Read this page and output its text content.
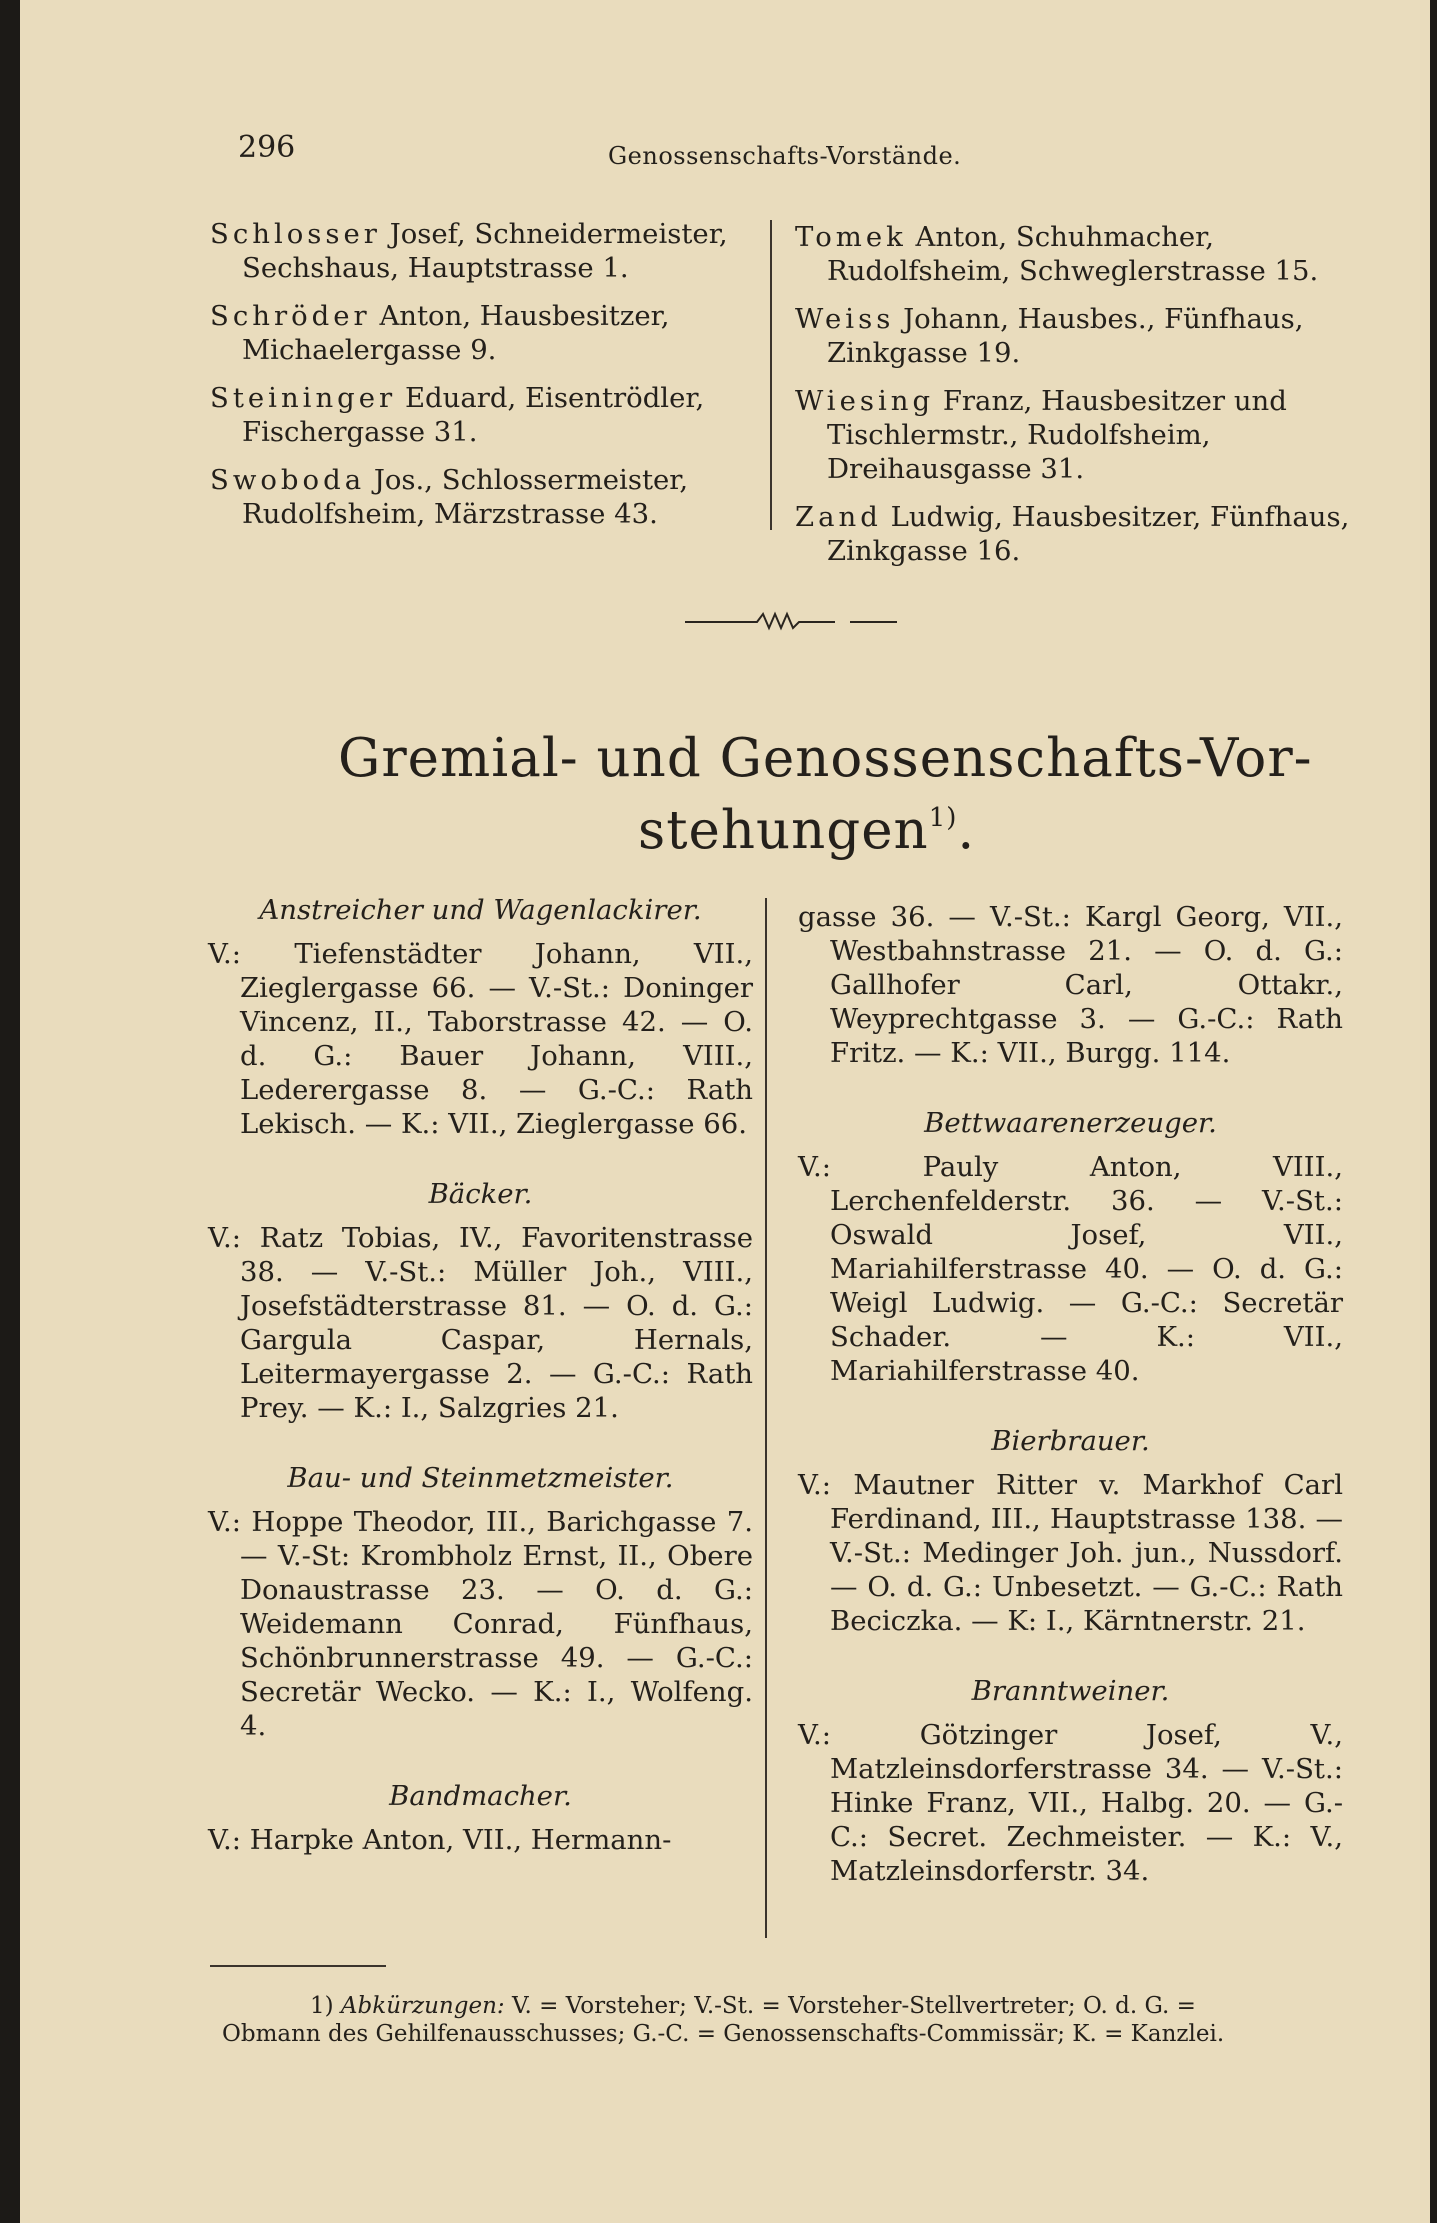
296	Genossenschafts-Vorstände.
Schlosser Josef, Schneidermeister, Sechshaus, Hauptstrasse 1.
Schröder Anton, Hausbesitzer, Michaelergasse 9.
Steininger Eduard, Eisentrödler, Fischergasse 31.
Swoboda Jos., Schlossermeister, Rudolfsheim, Märzstrasse 43.
Tomek Anton, Schuhmacher, Rudolfsheim, Schweglerstrasse 15.
Weiss Johann, Hausbes., Fünfhaus, Zinkgasse 19.
Wiesing Franz, Hausbesitzer und Tischlermstr., Rudolfsheim, Dreihausgasse 31.
Zand Ludwig, Hausbesitzer, Fünfhaus, Zinkgasse 16.
Gremial- und Genossenschafts-Vor-
stehungen$^{1)}$.
Anstreicher und Wagenlackirer.
V.: Tiefenstädter Johann, VII., Zieglergasse 66. — V.-St.: Doninger Vincenz, II., Taborstrasse 42. — O. d. G.: Bauer Johann, VIII., Lederergasse 8. — G.-C.: Rath Lekisch. — K.: VII., Zieglergasse 66.
Bäcker.
V.: Ratz Tobias, IV., Favoritenstrasse 38. — V.-St.: Müller Joh., VIII., Josefstädterstrasse 81. — O. d. G.: Gargula Caspar, Hernals, Leitermayergasse 2. — G.-C.: Rath Prey. — K.: I., Salzgries 21.
Bau- und Steinmetzmeister.
V.: Hoppe Theodor, III., Barichgasse 7. — V.-St: Krombholz Ernst, II., Obere Donaustrasse 23. — O. d. G.: Weidemann Conrad, Fünfhaus, Schönbrunnerstrasse 49. — G.-C.: Secretär Wecko. — K.: I., Wolfeng. 4.
Bandmacher.
V.: Harpke Anton, VII., Hermann-
gasse 36. — V.-St.: Kargl Georg, VII., Westbahnstrasse 21. — O. d. G.: Gallhofer Carl, Ottakr., Weyprechtgasse 3. — G.-C.: Rath Fritz. — K.: VII., Burgg. 114.
Bettwaarenerzeuger.
V.: Pauly Anton, VIII., Lerchenfelderstr. 36. — V.-St.: Oswald Josef, VII., Mariahilferstrasse 40. — O. d. G.: Weigl Ludwig. — G.-C.: Secretär Schader. — K.: VII., Mariahilferstrasse 40.
Bierbrauer.
V.: Mautner Ritter v. Markhof Carl Ferdinand, III., Hauptstrasse 138. — V.-St.: Medinger Joh. jun., Nussdorf. — O. d. G.: Unbesetzt. — G.-C.: Rath Beciczka. — K: I., Kärntnerstr. 21.
Branntweiner.
V.: Götzinger Josef, V., Matzleinsdorferstrasse 34. — V.-St.: Hinke Franz, VII., Halbg. 20. — G.-C.: Secret. Zechmeister. — K.: V., Matzleinsdorferstr. 34.
1) Abkürzungen: V. = Vorsteher; V.-St. = Vorsteher-Stellvertreter; O. d. G. =
Obmann des Gehilfenausschusses; G.-C. = Genossenschafts-Commissär; K. = Kanzlei.
